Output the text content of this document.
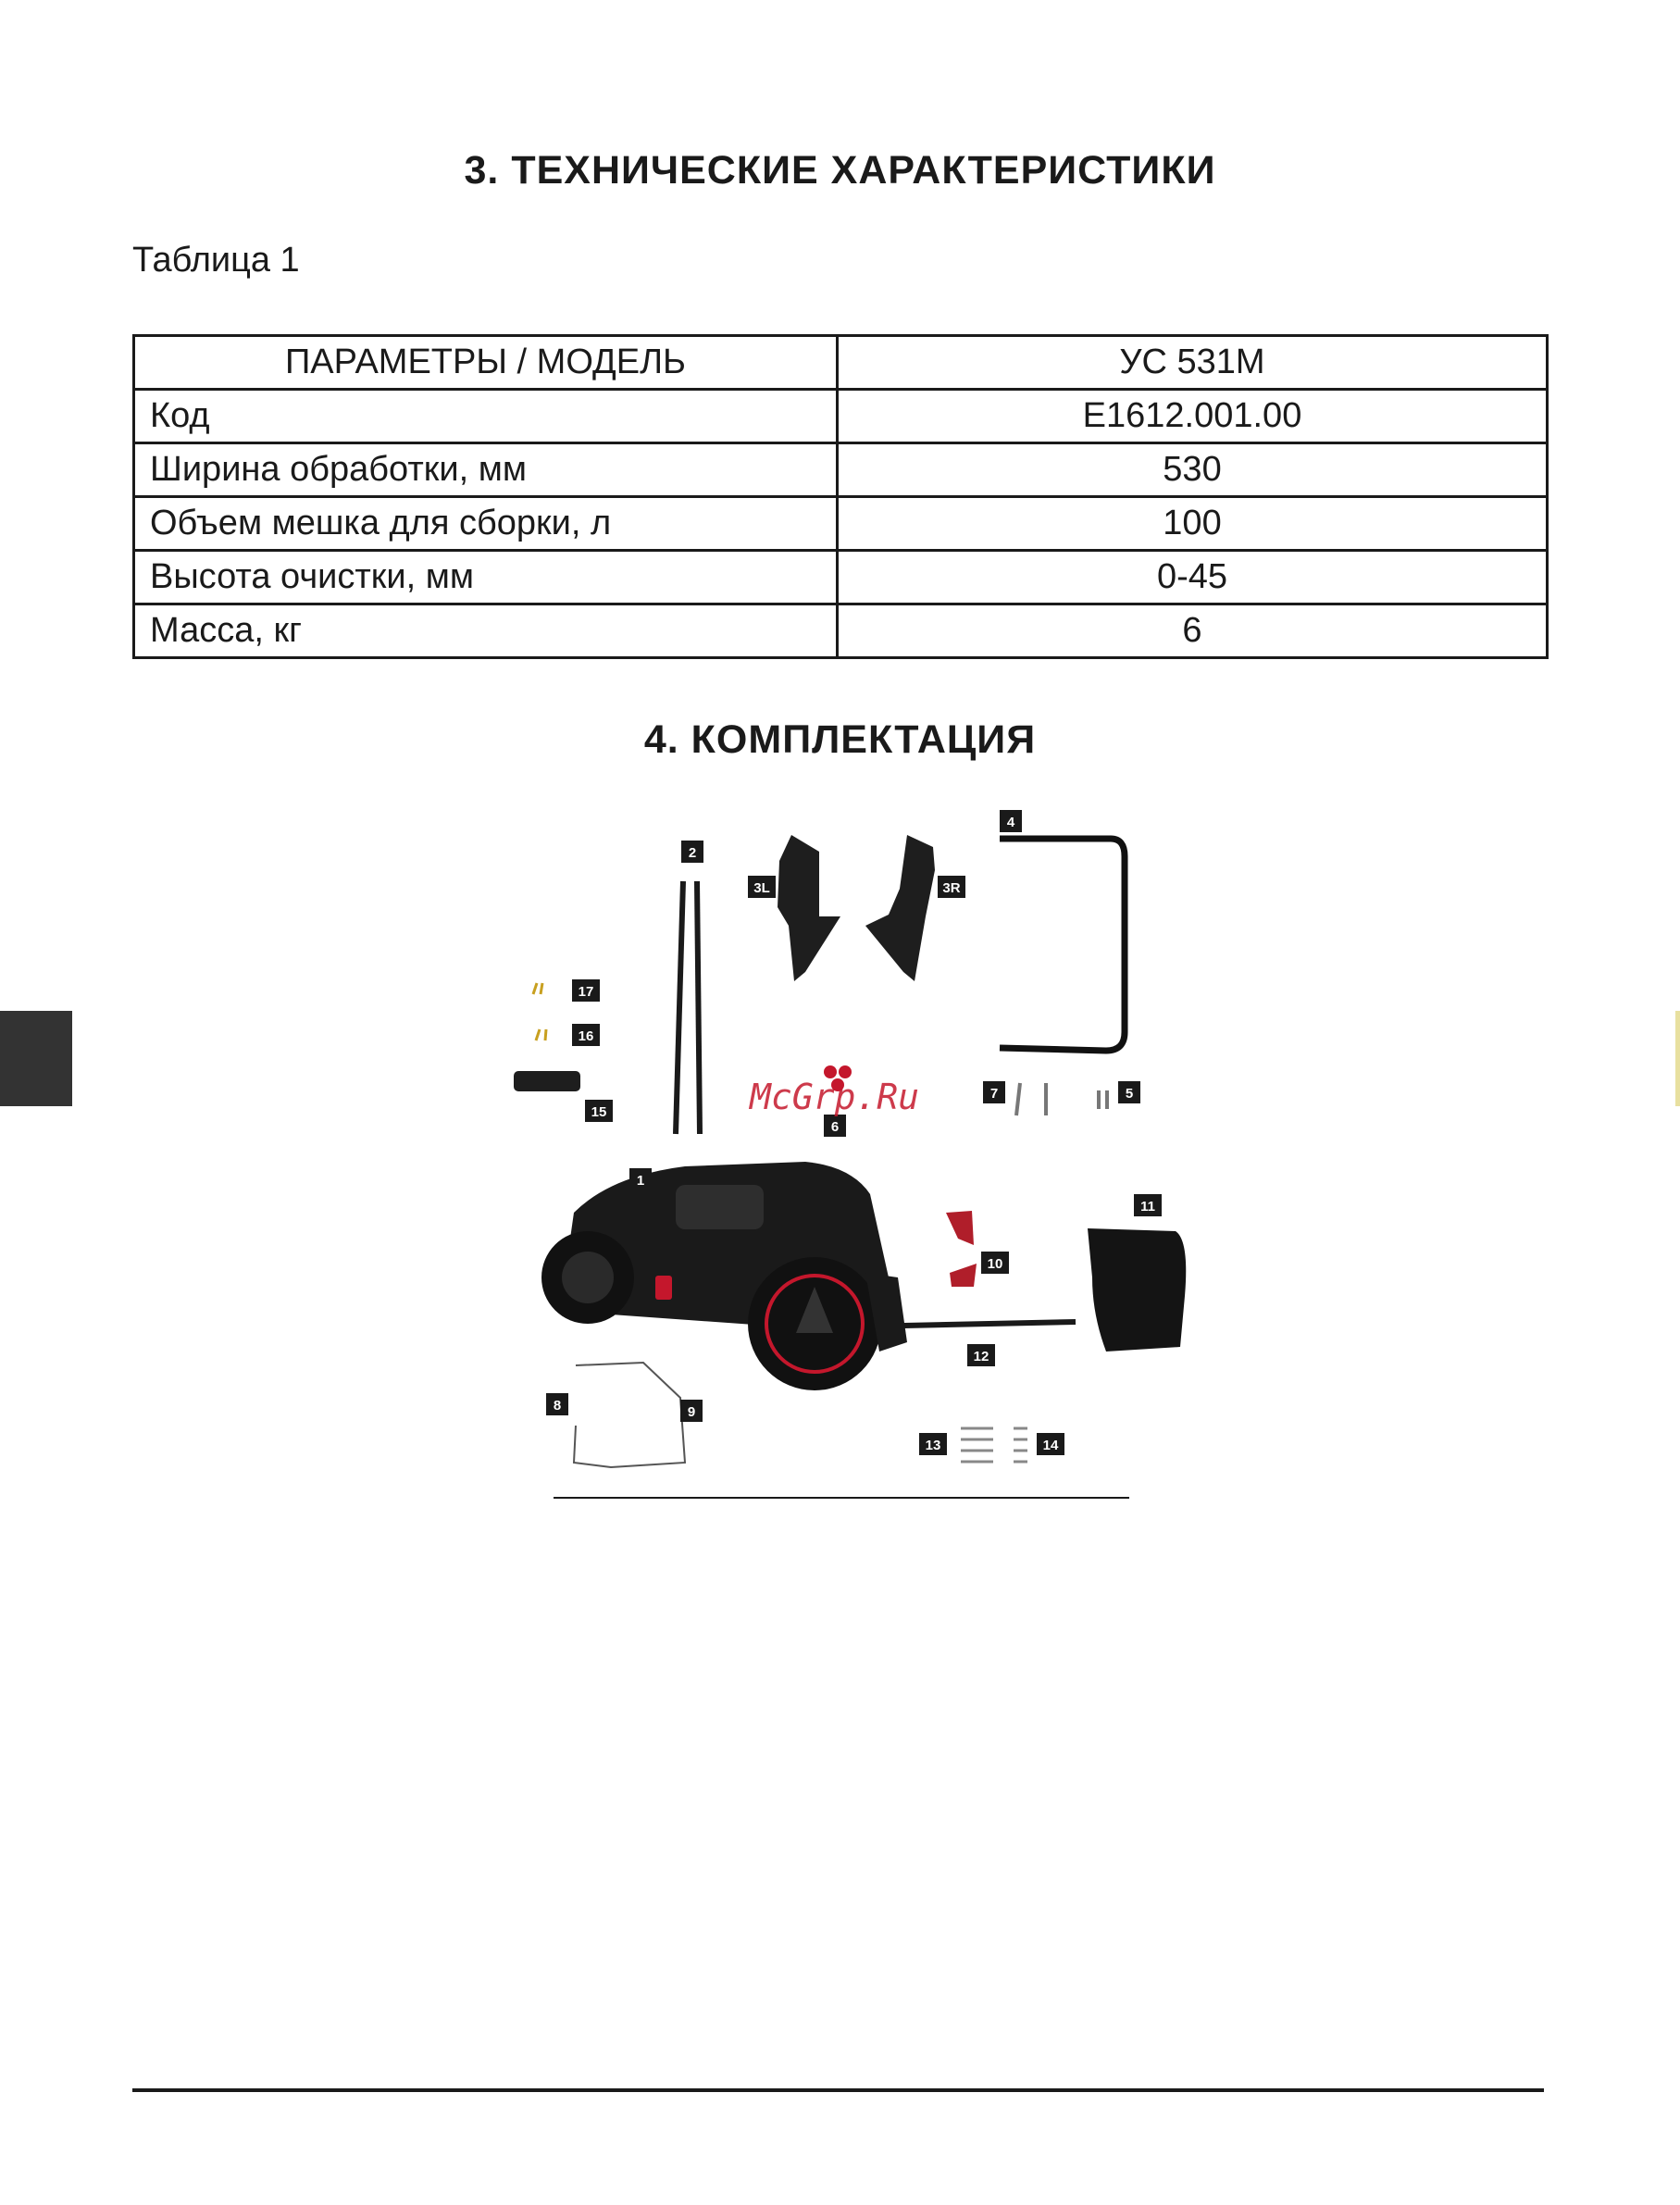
3. ТЕХНИЧЕСКИЕ ХАРАКТЕРИСТИКИ
Таблица 1
ПАРАМЕТРЫ / МОДЕЛЬ	УС 531М
Код	Е1612.001.00
Ширина обработки, мм	530
Объем мешка для сборки, л	100
Высота очистки, мм	0-45
Масса, кг	6
4. КОМПЛЕКТАЦИЯ
1
2
3L	3R
4
5
6
7
8	9
10
11
12
13	14
15
16
17
McGrp.Ru
